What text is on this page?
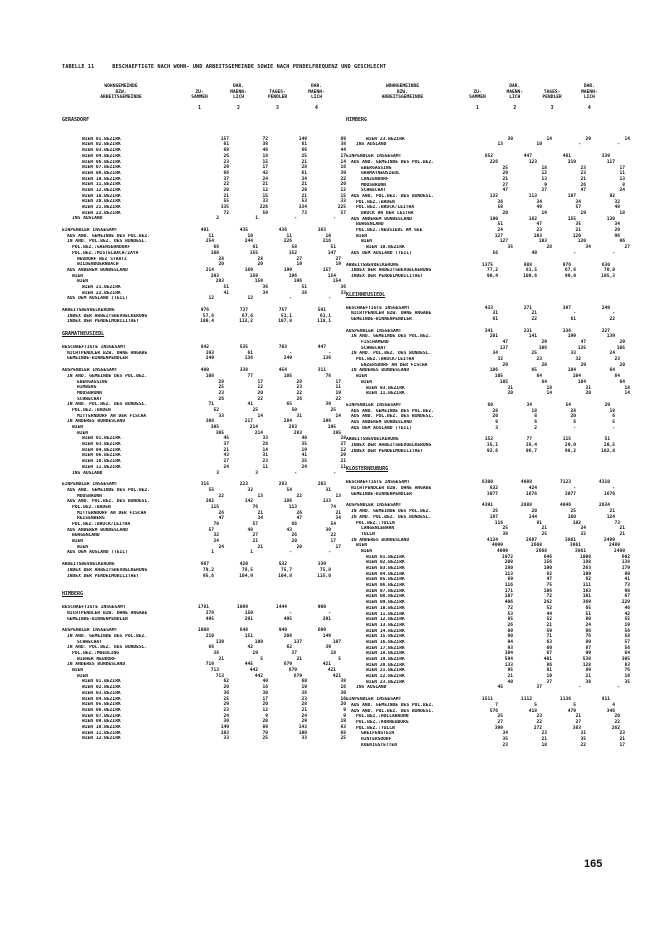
TABELLE 11	BESCHAEFTIGTE NACH WOHN- UND ARBEITSGEMEINDE SOWIE NACH PENDELFREQUENZ UND GESCHLECHT
WOHNGEMEINDE
BZW.
ARBEITSGEMEINDE
ZU-
SAMMEN
DAR.
MAENN-
LICH
TAGES-
PENDLER
DAR.
MAENN-
LICH
1	2	3	4
GERASDORF
WIEN 01.BEZIRK	157	72	149	69
WIEN 02.BEZIRK	61	38	61	38
WIEN 03.BEZIRK	68	46	66	44
WIEN 04.BEZIRK	26	18	25	17
WIEN 06.BEZIRK	23	15	21	14
WIEN 07.BEZIRK	29	17	28	16
WIEN 09.BEZIRK	66	42	61	39
WIEN 10.BEZIRK	37	24	34	22
WIEN 11.BEZIRK	22	21	21	20
WIEN 12.BEZIRK	20	12	20	12
WIEN 18.BEZIRK	21	15	21	15
WIEN 20.BEZIRK	55	33	53	33
WIEN 21.BEZIRK	335	226	334	225
WIEN 22.BEZIRK	72	59	73	57
INS AUSLAND	2	1	-	-
EINPENDLER INSGESAMT	491	435	436	383
AUS AND. GEMEINDE DES POL.BEZ.	11	10	11	10
IN AND. POL.BEZ. DES BUNDESL.	254	244	226	216
POL.BEZ.:GAENSERNDORF	66	61	58	51
POL.BEZ.:MISTELBACH/ZAYA	160	155	152	147
NEUDORF BEI STAATZ	28	28	27	27
WILDENDUERNBACH	20	20	19	19
AUS ANDEREM BUNDESLAND	214	169	199	157
WIEN	203	159	196	154
WIEN	203	159	196	154
WIEN 21.BEZIRK	51	36	51	36
WIEN 22.BEZIRK	41	34	38	33
AUS DEM AUSLAND (TEIL)	12	12	-	-
ARBEITSBEVOELKERUNG	976	737	757	591
INDEX DER ARBEITSBEVOELKERUNG	57,6	67,6	51,1	61,1
INDEX DER PENDELMOBILITAET	100,4	112,2	107,8	118,1
GRAMATNEUSIEDL
BESCHAEFTIGTE INSGESAMT	842	535	703	447
NICHTPENDLER BZW. OHNE ANGABE	193	61	-	-
GEMEINDE-BINNENPENDLER	249	136	249	136
AUSPENDLER INSGESAMT	490	338	454	311
IN AND. GEMEINDE DES POL.BEZ.	108	77	105	76
EBERGASSING	28	17	28	17
HIMBERG	25	12	23	11
MOOSBRUNN	23	20	22	19
SCHWECHAT	26	22	26	22
IN AND. POL.BEZ. DES BUNDESL.	71	41	65	39
POL.BEZ.:BADEN	52	25	50	25
MITTERNDORF AN DER FISCHA	33	14	31	14
IN ANDERES BUNDESLAND	308	217	284	196
WIEN	305	214	283	195
WIEN	305	214	283	195
WIEN 01.BEZIRK	45	33	40	28
WIEN 03.BEZIRK	37	28	35	27
WIEN 04.BEZIRK	21	14	19	12
WIEN 06.BEZIRK	43	31	41	29
WIEN 10.BEZIRK	27	23	25	21
WIEN 11.BEZIRK	24	11	24	11
INS AUSLAND	3	3	-	-
EINPENDLER INSGESAMT	315	223	283	203
AUS AND. GEMEINDE DES POL.BEZ.	55	32	54	31
MOOSBRUNN	22	13	22	13
AUS AND. POL.BEZ. DES BUNDESL.	202	142	186	133
POL.BEZ.:BADEN	115	76	113	74
MITTERNDORF AN DER FISCHA	26	21	26	21
REISENBERG	47	34	47	34
POL.BEZ.:BRUCK/LEITHA	70	57	66	54
AUS ANDEREM BUNDESLAND	57	48	43	39
BURGENLAND	32	27	26	22
WIEN	24	21	20	17
WIEN	24	21	20	17
AUS DEM AUSLAND (TEIL)	1	1	-	-
ARBEITSBEVOELKERUNG	667	420	532	339
INDEX DER ARBEITSBEVOELKERUNG	79,2	78,5	75,7	75,8
INDEX DER PENDELMOBILITAET	95,6	104,9	104,8	115,0
HIMBERG
BESCHAEFTIGTE INSGESAMT	1781	1089	1444	900
NICHTPENDLER BZW. OHNE ANGABE	278	150	-	-
GEMEINDE-BINNENPENDLER	495	291	495	291
AUSPENDLER INSGESAMT	1008	648	949	609
IN AND. GEMEINDE DES POL.BEZ.	210	151	208	149
SCHWECHAT	139	109	137	107
IN AND. POL.BEZ. DES BUNDESL.	66	42	62	39
POL.BEZ.:MOEDLING	38	19	37	18
WIENER NEUDORF	21	5	21	5
IN ANDERES BUNDESLAND	719	445	679	421
WIEN	713	442	679	421
WIEN	713	442	679	421
WIEN 01.BEZIRK	62	40	60	38
WIEN 02.BEZIRK	20	16	19	16
WIEN 03.BEZIRK	36	30	36	30
WIEN 04.BEZIRK	25	17	23	16
WIEN 05.BEZIRK	29	20	28	20
WIEN 06.BEZIRK	23	12	21	9
WIEN 07.BEZIRK	24	9	24	9
WIEN 09.BEZIRK	30	20	29	19
WIEN 10.BEZIRK	149	88	143	83
WIEN 11.BEZIRK	103	70	100	68
WIEN 12.BEZIRK	33	25	33	25
WOHNGEMEINDE
BZW.
ARBEITSGEMEINDE
ZU-
SAMMEN
DAR.
MAENN-
LICH
TAGES-
PENDLER
DAR.
MAENN-
LICH
1	2	3	4
HIMBERG
WIEN 23.BEZIRK	30	14	29	14
INS AUSLAND	13	10	-	-
EINPENDLER INSGESAMT	652	447	481	339
AUS AND. GEMEINDE DES POL.BEZ.	226	123	219	117
EBERGASSING	25	18	23	17
GRAMATNEUSIEDL	29	12	23	11
LANZENDORF	21	13	21	13
MOOSBRUNN	27	9	26	8
SCHWECHAT	47	27	47	24
AUS AND. POL.BEZ. DES BUNDESL.	132	113	107	92
POL.BEZ.:BADEN	36	34	34	32
POL.BEZ.:BRUCK/LEITHA	58	49	57	48
BRUCK AN DER LEITHA	20	19	19	18
AUS ANDEREM BUNDESLAND	190	162	155	130
BURGENLAND	51	47	35	34
POL.BEZ.:NEUSIEDL AM SEE	24	23	21	20
WIEN	127	103	120	96
WIEN	127	103	120	96
WIEN 10.BEZIRK	35	28	34	27
AUS DEM AUSLAND (TEIL)	56	49	-	-
ARBEITSBEVOELKERUNG	1375	888	976	630
INDEX DER ARBEITSBEVOELKERUNG	77,2	81,5	67,6	70,0
INDEX DER PENDELMOBILITAET	90,4	100,6	99,0	105,3
KLEINNEUSIEDL
BESCHAEFTIGTE INSGESAMT	433	271	397	249
NICHTPENDLER BZW. OHNE ANGABE	31	21	-	-
GEMEINDE-BINNENPENDLER	61	22	61	22
AUSPENDLER INSGESAMT	341	231	336	227
IN AND. GEMEINDE DES POL.BEZ.	201	141	199	139
FISCHAMEND	47	29	47	29
SCHWECHAT	137	106	135	105
IN AND. POL.BEZ. DES BUNDESL.	34	25	33	24
POL.BEZ.:BRUCK/LEITHA	32	23	32	23
ENZERSDORF AN DER FISCHA	29	20	29	20
IN ANDERES BUNDESLAND	106	65	104	64
WIEN	105	64	104	64
WIEN	105	64	104	64
WIEN 03.BEZIRK	31	18	31	18
WIEN 11.BEZIRK	20	14	20	14
EINPENDLER INSGESAMT	60	34	54	29
AUS AND. GEMEINDE DES POL.BEZ.	28	18	28	18
AUS AND. POL.BEZ. DES BUNDESL.	20	8	20	6
AUS ANDEREM BUNDESLAND	9	6	6	5
AUS DEM AUSLAND (TEIL)	3	2	-	-
ARBEITSBEVOELKERUNG	152	77	115	51
INDEX DER ARBEITSBEVOELKERUNG	35,1	28,4	29,0	20,5
INDEX DER PENDELMOBILITAET	92,6	96,7	98,2	102,8
KLOSTERNEUBURG
BESCHAEFTIGTE INSGESAMT	8300	4988	7123	4310
NICHTPENDLER BZW. OHNE ANGABE	832	424	-	-
GEMEINDE-BINNENPENDLER	3077	1676	3077	1676
AUSPENDLER INSGESAMT	4391	2888	4046	2634
IN AND. GEMEINDE DES POL.BEZ.	25	20	25	21
IN AND. POL.BEZ. DES BUNDESL.	197	144	160	124
POL.BEZ.:TULLN	116	81	102	73
LANGENLEBARN	25	21	24	21
TULLN	38	25	32	21
IN ANDERES BUNDESLAND	4124	2687	3861	2489
WIEN	4099	2668	3861	2489
WIEN	4099	2668	3861	2489
WIEN 01.BEZIRK	1072	646	1008	602
WIEN 02.BEZIRK	208	156	188	138
WIEN 03.BEZIRK	280	190	263	179
WIEN 04.BEZIRK	113	82	109	80
WIEN 05.BEZIRK	69	47	62	41
WIEN 06.BEZIRK	116	75	111	73
WIEN 07.BEZIRK	171	106	163	98
WIEN 08.BEZIRK	107	72	101	67
WIEN 09.BEZIRK	406	262	369	229
WIEN 10.BEZIRK	72	52	65	46
WIEN 11.BEZIRK	53	44	51	42
WIEN 12.BEZIRK	85	52	80	55
WIEN 13.BEZIRK	26	21	24	19
WIEN 14.BEZIRK	89	59	86	56
WIEN 15.BEZIRK	90	71	76	58
WIEN 16.BEZIRK	94	63	89	57
WIEN 17.BEZIRK	93	60	87	56
WIEN 18.BEZIRK	104	67	99	64
WIEN 19.BEZIRK	594	401	538	305
WIEN 20.BEZIRK	133	86	128	83
WIEN 21.BEZIRK	95	81	89	76
WIEN 22.BEZIRK	21	19	21	19
WIEN 23.BEZIRK	40	37	38	35
INS AUSLAND	45	37	-	-
EINPENDLER INSGESAMT	1511	1112	1136	811
AUS AND. GEMEINDE DES POL.BEZ.	7	5	5	4
AUS AND. POL.BEZ. DES BUNDESL.	576	418	479	346
POL.BEZ.:HOLLABRUNN	25	23	21	20
POL.BEZ.:KORNEUBURG	27	22	27	22
POL.BEZ.:TULLN	399	272	383	262
GREIFENSTEIN	34	23	31	23
HINTERSDORF	35	21	35	21
KOENIGSTETTEN	23	18	22	17
165
